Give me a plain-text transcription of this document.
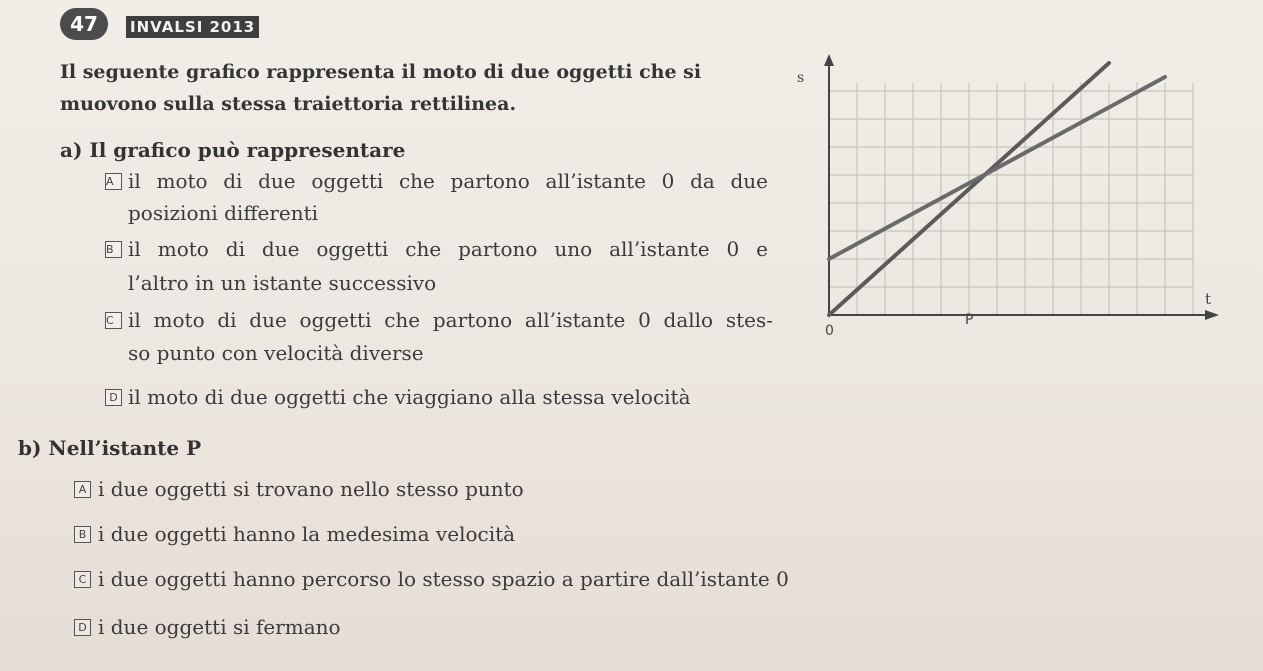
47	INVALSI 2013
Il seguente grafico rappresenta il moto di due oggetti che si
muovono sulla stessa traiettoria rettilinea.
a) Il grafico può rappresentare
A il moto di due oggetti che partono all’istante 0 da due
posizioni differenti
B il moto di due oggetti che partono uno all’istante 0 e
l’altro in un istante successivo
C il moto di due oggetti che partono all’istante 0 dallo stes-
so punto con velocità diverse
D il moto di due oggetti che viaggiano alla stessa velocità
b) Nell’istante P
A i due oggetti si trovano nello stesso punto
B i due oggetti hanno la medesima velocità
C i due oggetti hanno percorso lo stesso spazio a partire dall’istante 0
D i due oggetti si fermano
s
t
0
P
